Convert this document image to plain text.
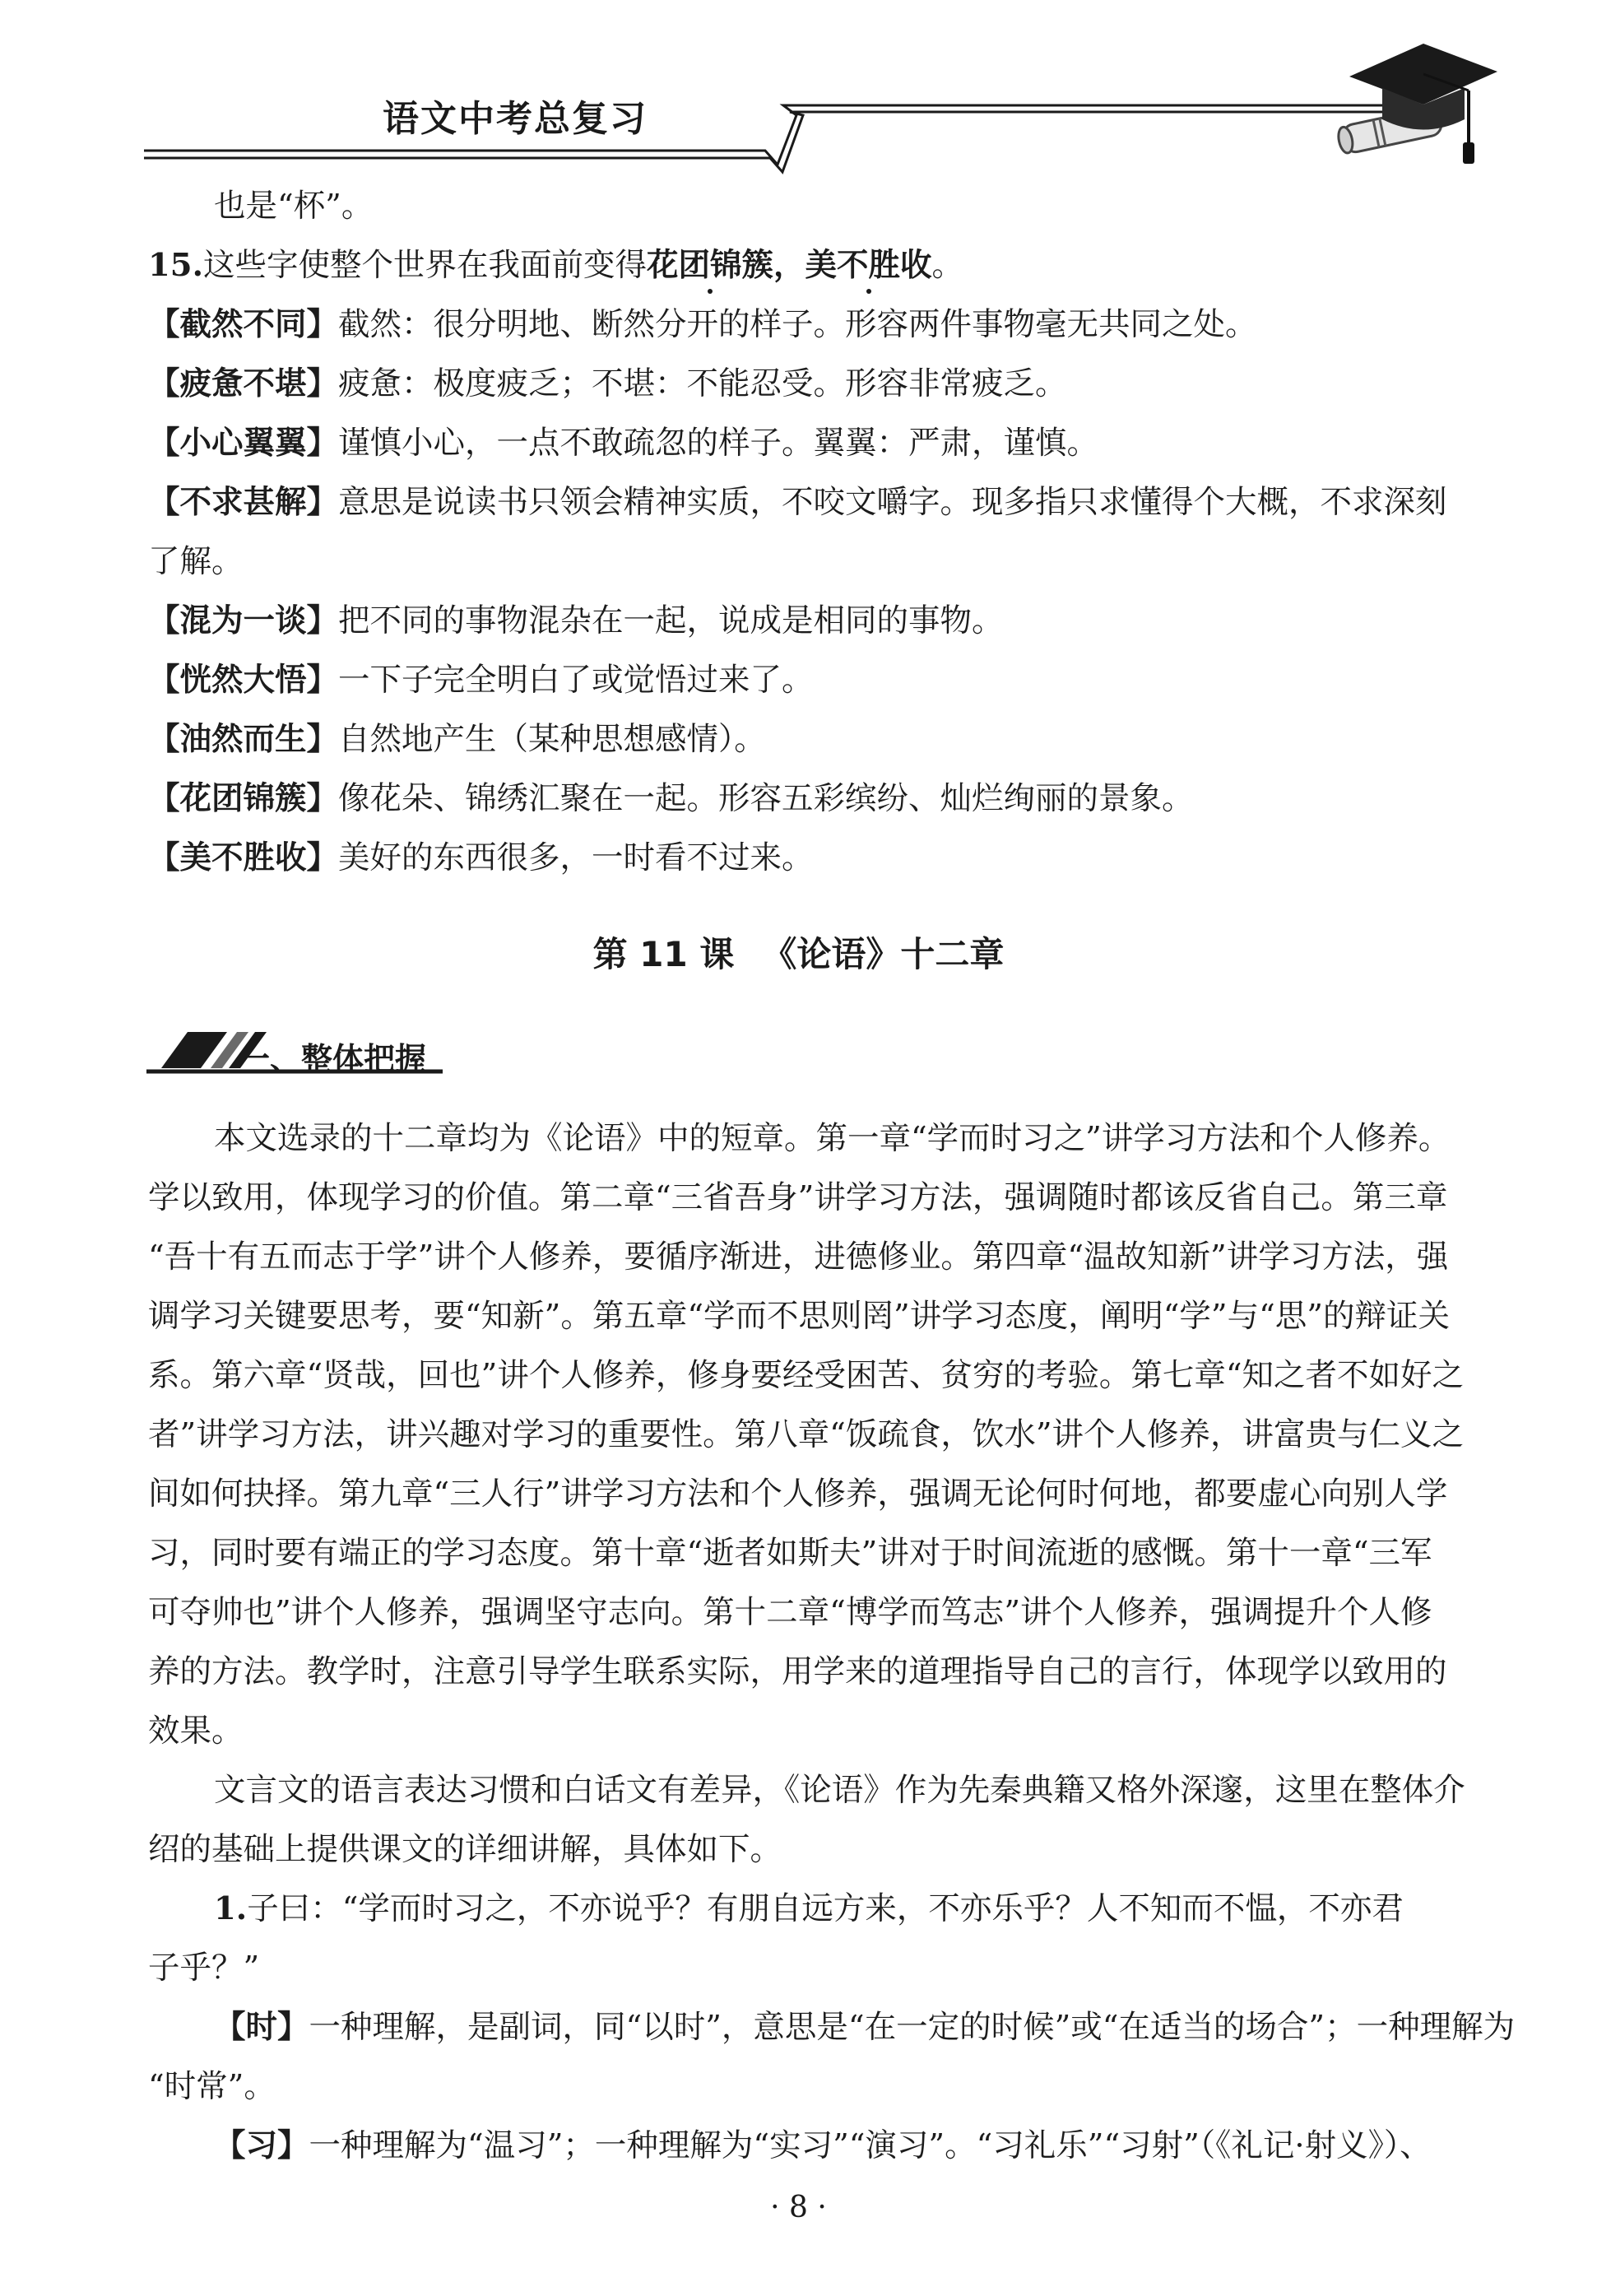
语文中考总复习
也是“杯”。
15.这些字使整个世界在我面前变得花团锦簇，美不胜收。
【截然不同】截然：很分明地、断然分开的样子。形容两件事物毫无共同之处。
【疲惫不堪】疲惫：极度疲乏；不堪：不能忍受。形容非常疲乏。
【小心翼翼】谨慎小心，一点不敢疏忽的样子。翼翼：严肃，谨慎。
【不求甚解】意思是说读书只领会精神实质，不咬文嚼字。现多指只求懂得个大概，不求深刻
了解。
【混为一谈】把不同的事物混杂在一起，说成是相同的事物。
【恍然大悟】一下子完全明白了或觉悟过来了。
【油然而生】自然地产生（某种思想感情）。
【花团锦簇】像花朵、锦绣汇聚在一起。形容五彩缤纷、灿烂绚丽的景象。
【美不胜收】美好的东西很多，一时看不过来。
第 11 课 《论语》十二章
一、整体把握
本文选录的十二章均为《论语》中的短章。第一章“学而时习之”讲学习方法和个人修养。
学以致用，体现学习的价值。第二章“三省吾身”讲学习方法，强调随时都该反省自己。第三章
“吾十有五而志于学”讲个人修养，要循序渐进，进德修业。第四章“温故知新”讲学习方法，强
调学习关键要思考，要“知新”。第五章“学而不思则罔”讲学习态度，阐明“学”与“思”的辩证关
系。第六章“贤哉，回也”讲个人修养，修身要经受困苦、贫穷的考验。第七章“知之者不如好之
者”讲学习方法，讲兴趣对学习的重要性。第八章“饭疏食，饮水”讲个人修养，讲富贵与仁义之
间如何抉择。第九章“三人行”讲学习方法和个人修养，强调无论何时何地，都要虚心向别人学
习，同时要有端正的学习态度。第十章“逝者如斯夫”讲对于时间流逝的感慨。第十一章“三军
可夺帅也”讲个人修养，强调坚守志向。第十二章“博学而笃志”讲个人修养，强调提升个人修
养的方法。教学时，注意引导学生联系实际，用学来的道理指导自己的言行，体现学以致用的
效果。
文言文的语言表达习惯和白话文有差异，《论语》作为先秦典籍又格外深邃，这里在整体介
绍的基础上提供课文的详细讲解，具体如下。
1.子曰：“学而时习之，不亦说乎？有朋自远方来，不亦乐乎？人不知而不愠，不亦君
子乎？”
【时】一种理解，是副词，同“以时”，意思是“在一定的时候”或“在适当的场合”；一种理解为
“时常”。
【习】一种理解为“温习”；一种理解为“实习”“演习”。“习礼乐”“习射”（《礼记·射义》）、
· 8 ·
